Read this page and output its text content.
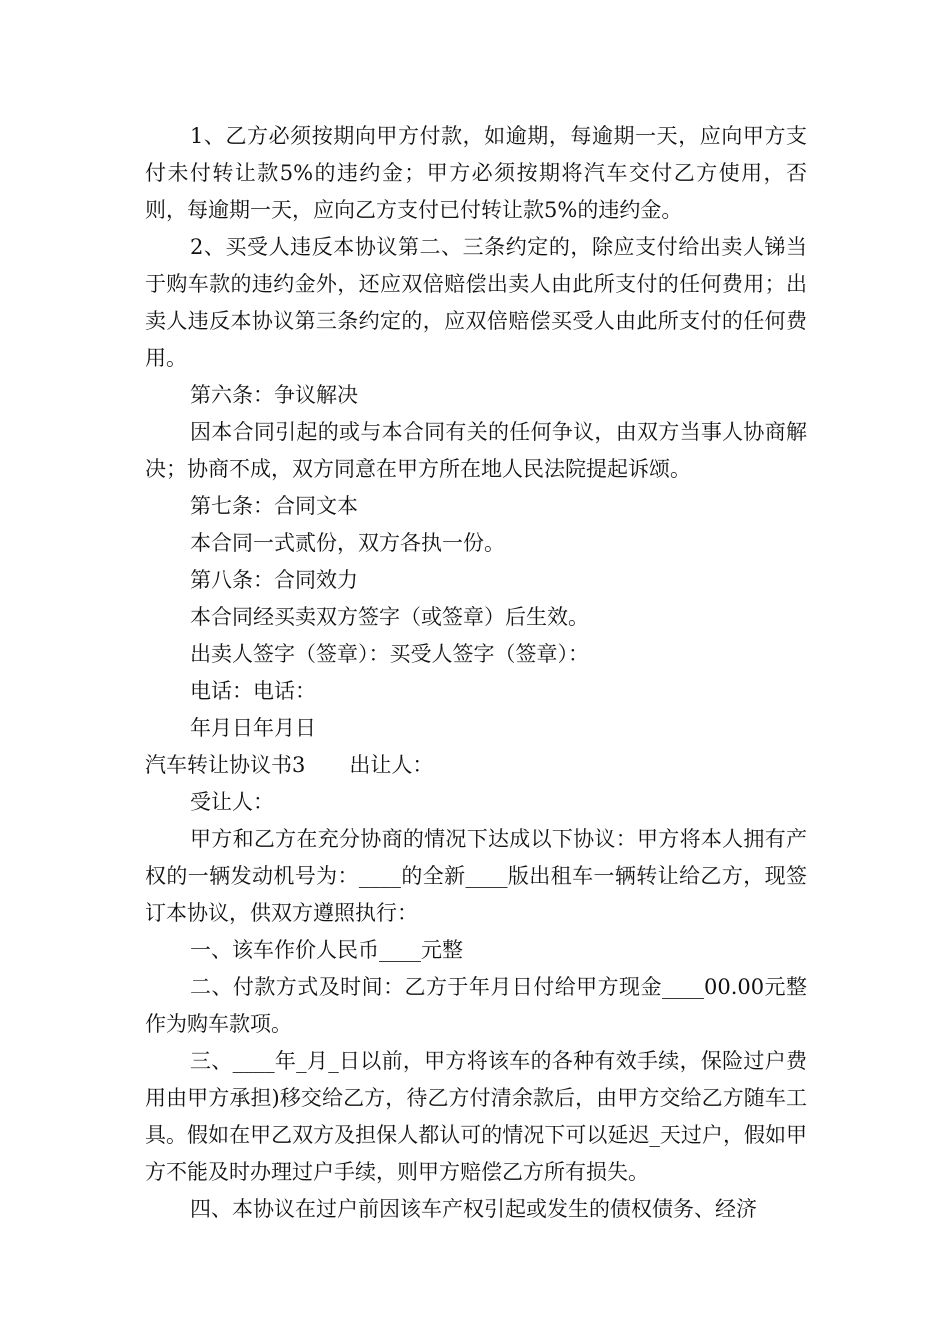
1、乙方必须按期向甲方付款，如逾期，每逾期一天，应向甲方支付未付转让款5%的违约金；甲方必须按期将汽车交付乙方使用，否则，每逾期一天，应向乙方支付已付转让款5%的违约金。

2、买受人违反本协议第二、三条约定的，除应支付给出卖人锑当于购车款的违约金外，还应双倍赔偿出卖人由此所支付的任何费用；出卖人违反本协议第三条约定的，应双倍赔偿买受人由此所支付的任何费用。

第六条：争议解决

因本合同引起的或与本合同有关的任何争议，由双方当事人协商解决；协商不成，双方同意在甲方所在地人民法院提起诉颂。

第七条：合同文本

本合同一式贰份，双方各执一份。

第八条：合同效力

本合同经买卖双方签字（或签章）后生效。

出卖人签字（签章）：买受人签字（签章）：

电话：电话：

年月日年月日

汽车转让协议书3 出让人：

受让人：

甲方和乙方在充分协商的情况下达成以下协议：甲方将本人拥有产权的一辆发动机号为：____的全新____版出租车一辆转让给乙方，现签订本协议，供双方遵照执行：

一、该车作价人民币____元整

二、付款方式及时间：乙方于年月日付给甲方现金____00.00元整作为购车款项。

三、____年_月_日以前，甲方将该车的各种有效手续，保险过户费用由甲方承担)移交给乙方，待乙方付清余款后，由甲方交给乙方随车工具。假如在甲乙双方及担保人都认可的情况下可以延迟_天过户，假如甲方不能及时办理过户手续，则甲方赔偿乙方所有损失。

四、本协议在过户前因该车产权引起或发生的债权债务、经济
